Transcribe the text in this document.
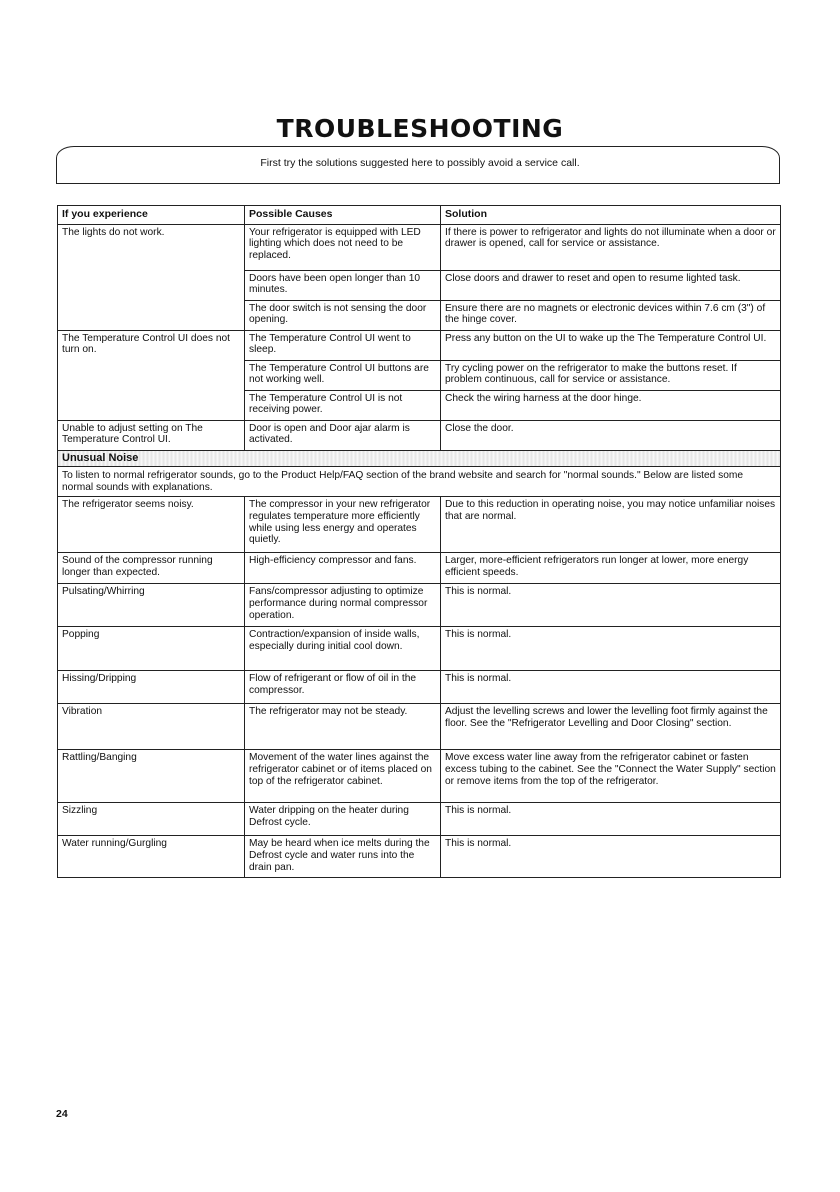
TROUBLESHOOTING
First try the solutions suggested here to possibly avoid a service call.
If you experience	Possible Causes	Solution
The lights do not work.	Your refrigerator is equipped with LED lighting which does not need to be replaced.	If there is power to refrigerator and lights do not illuminate when a door or drawer is opened, call for service or assistance.
	Doors have been open longer than 10 minutes.	Close doors and drawer to reset and open to resume lighted task.
	The door switch is not sensing the door opening.	Ensure there are no magnets or electronic devices within 7.6 cm (3") of the hinge cover.
The Temperature Control UI does not turn on.	The Temperature Control UI went to sleep.	Press any button on the UI to wake up the The Temperature Control UI.
	The Temperature Control UI buttons are not working well.	Try cycling power on the refrigerator to make the buttons reset. If problem continuous, call for service or assistance.
	The Temperature Control UI is not receiving power.	Check the wiring harness at the door hinge.
Unable to adjust setting on The Temperature Control UI.	Door is open and Door ajar alarm is activated.	Close the door.
Unusual Noise		
To listen to normal refrigerator sounds, go to the Product Help/FAQ section of the brand website and search for "normal sounds." Below are listed some normal sounds with explanations.		
The refrigerator seems noisy.	The compressor in your new refrigerator regulates temperature more efficiently while using less energy and operates quietly.	Due to this reduction in operating noise, you may notice unfamiliar noises that are normal.
Sound of the compressor running longer than expected.	High-efficiency compressor and fans.	Larger, more-efficient refrigerators run longer at lower, more energy efficient speeds.
Pulsating/Whirring	Fans/compressor adjusting to optimize performance during normal compressor operation.	This is normal.
Popping	Contraction/expansion of inside walls, especially during initial cool down.	This is normal.
Hissing/Dripping	Flow of refrigerant or flow of oil in the compressor.	This is normal.
Vibration	The refrigerator may not be steady.	Adjust the levelling screws and lower the levelling foot firmly against the floor. See the "Refrigerator Levelling and Door Closing" section.
Rattling/Banging	Movement of the water lines against the refrigerator cabinet or of items placed on top of the refrigerator cabinet.	Move excess water line away from the refrigerator cabinet or fasten excess tubing to the cabinet. See the "Connect the Water Supply" section or remove items from the top of the refrigerator.
Sizzling	Water dripping on the heater during Defrost cycle.	This is normal.
Water running/Gurgling	May be heard when ice melts during the Defrost cycle and water runs into the drain pan.	This is normal.
24
